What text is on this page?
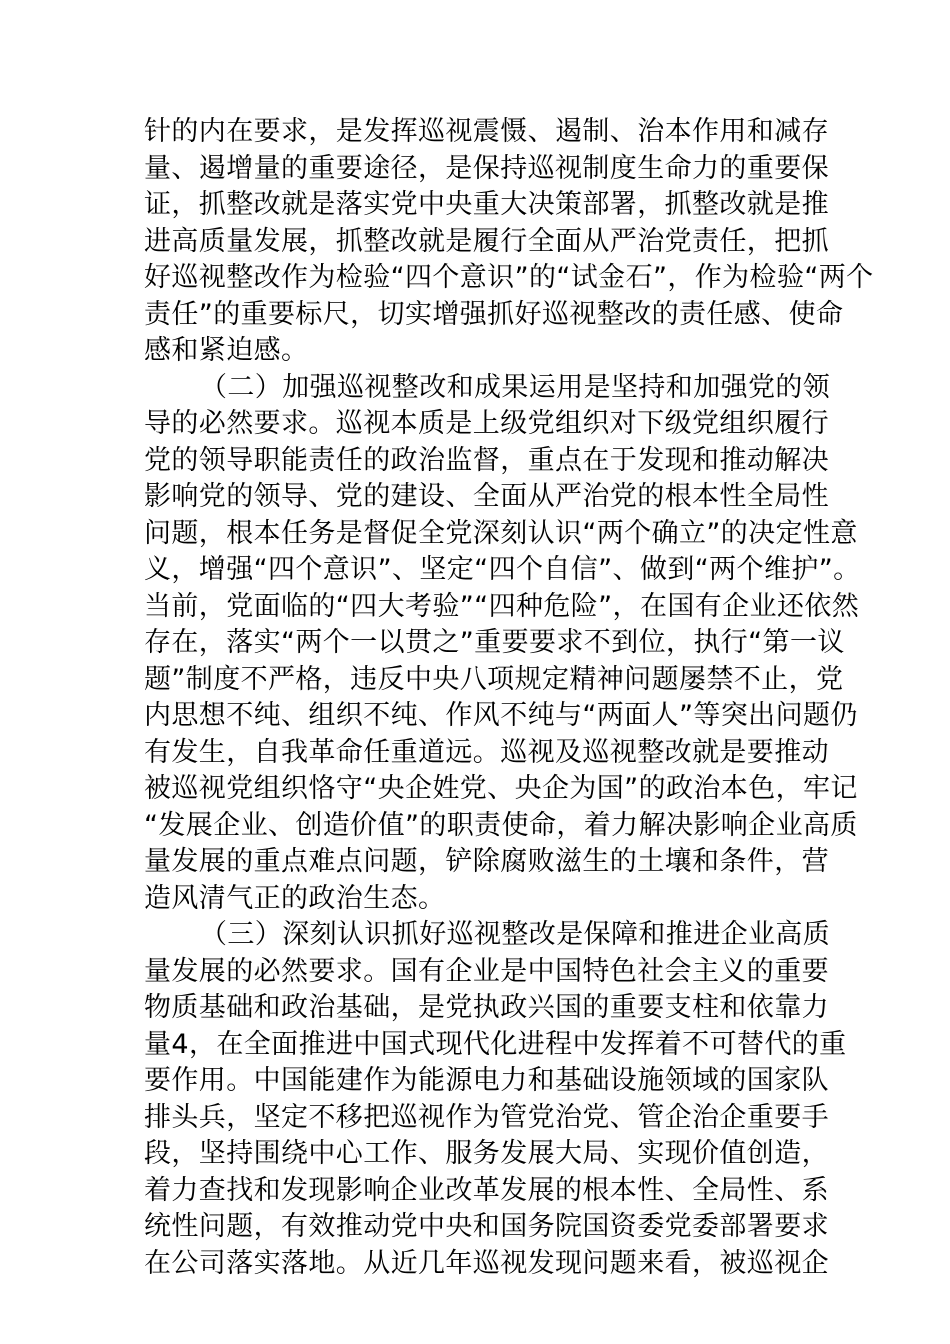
针的内在要求，是发挥巡视震慑、遏制、治本作用和减存
量、遏增量的重要途径，是保持巡视制度生命力的重要保
证，抓整改就是落实党中央重大决策部署，抓整改就是推
进高质量发展，抓整改就是履行全面从严治党责任，把抓
好巡视整改作为检验“四个意识”的“试金石”，作为检验“两个
责任”的重要标尺，切实增强抓好巡视整改的责任感、使命
感和紧迫感。
（二）加强巡视整改和成果运用是坚持和加强党的领
导的必然要求。巡视本质是上级党组织对下级党组织履行
党的领导职能责任的政治监督，重点在于发现和推动解决
影响党的领导、党的建设、全面从严治党的根本性全局性
问题，根本任务是督促全党深刻认识“两个确立”的决定性意
义，增强“四个意识”、坚定“四个自信”、做到“两个维护”。
当前，党面临的“四大考验”“四种危险”，在国有企业还依然
存在，落实“两个一以贯之”重要要求不到位，执行“第一议
题”制度不严格，违反中央八项规定精神问题屡禁不止，党
内思想不纯、组织不纯、作风不纯与“两面人”等突出问题仍
有发生，自我革命任重道远。巡视及巡视整改就是要推动
被巡视党组织恪守“央企姓党、央企为国”的政治本色，牢记
“发展企业、创造价值”的职责使命，着力解决影响企业高质
量发展的重点难点问题，铲除腐败滋生的土壤和条件，营
造风清气正的政治生态。
（三）深刻认识抓好巡视整改是保障和推进企业高质
量发展的必然要求。国有企业是中国特色社会主义的重要
物质基础和政治基础，是党执政兴国的重要支柱和依靠力
量4，在全面推进中国式现代化进程中发挥着不可替代的重
要作用。中国能建作为能源电力和基础设施领域的国家队
排头兵，坚定不移把巡视作为管党治党、管企治企重要手
段，坚持围绕中心工作、服务发展大局、实现价值创造，
着力查找和发现影响企业改革发展的根本性、全局性、系
统性问题，有效推动党中央和国务院国资委党委部署要求
在公司落实落地。从近几年巡视发现问题来看，被巡视企
